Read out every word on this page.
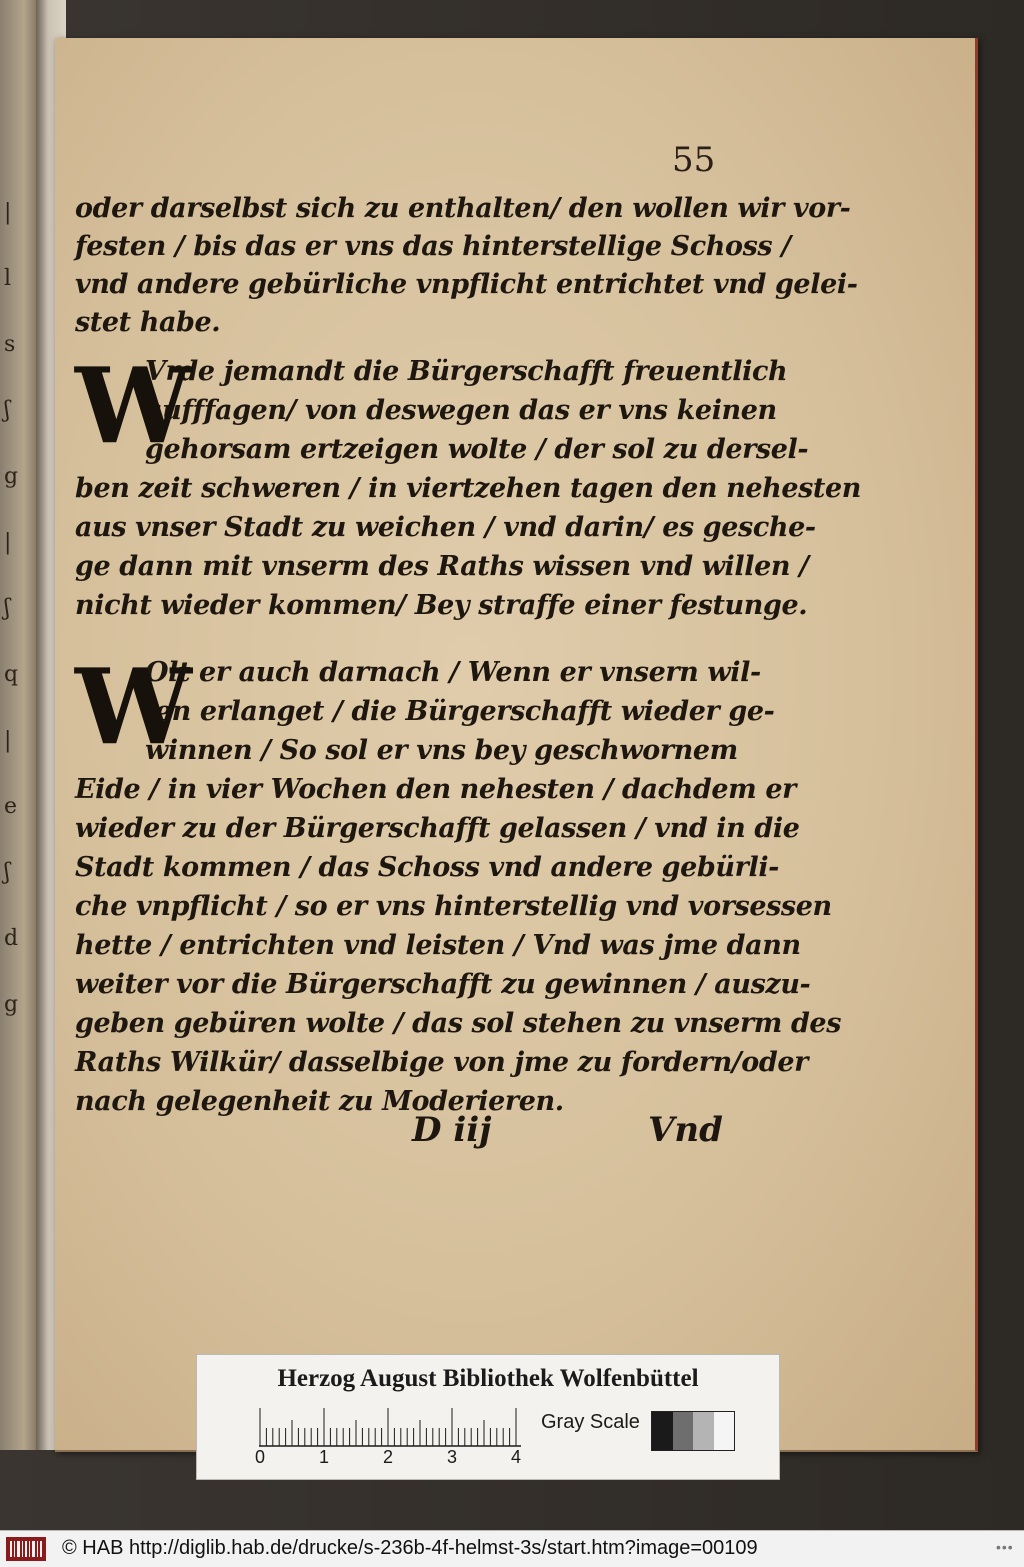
|
l
s
ʃ
g
|
ʃ
q
|
e
ʃ
d
g
55
oder darselbst sich zu enthalten/ den wollen wir vor-
festen / bis das er vns das hinterstellige Schoss /
vnd andere gebürliche vnpflicht entrichtet vnd gelei-
stet habe.
W
Vrde jemandt die Bürgerschafft freuentlich
aufffagen/ von deswegen das er vns keinen
gehorsam ertzeigen wolte / der sol zu dersel-
ben zeit schweren / in viertzehen tagen den nehesten
aus vnser Stadt zu weichen / vnd darin/ es gesche-
ge dann mit vnserm des Raths wissen vnd willen /
nicht wieder kommen/ Bey straffe einer festunge.
W
Olt er auch darnach / Wenn er vnsern wil-
len erlanget / die Bürgerschafft wieder ge-
winnen / So sol er vns bey geschwornem
Eide / in vier Wochen den nehesten / dachdem er
wieder zu der Bürgerschafft gelassen / vnd in die
Stadt kommen / das Schoss vnd andere gebürli-
che vnpflicht / so er vns hinterstellig vnd vorsessen
hette / entrichten vnd leisten / Vnd was jme dann
weiter vor die Bürgerschafft zu gewinnen / auszu-
geben gebüren wolte / das sol stehen zu vnserm des
Raths Wilkür/ dasselbige von jme zu fordern/oder
nach gelegenheit zu Moderieren.
D iij	Vnd
Herzog August Bibliothek Wolfenbüttel
0	1	2	3	4
Gray Scale
© HAB http://diglib.hab.de/drucke/s-236b-4f-helmst-3s/start.htm?image=00109	•••
